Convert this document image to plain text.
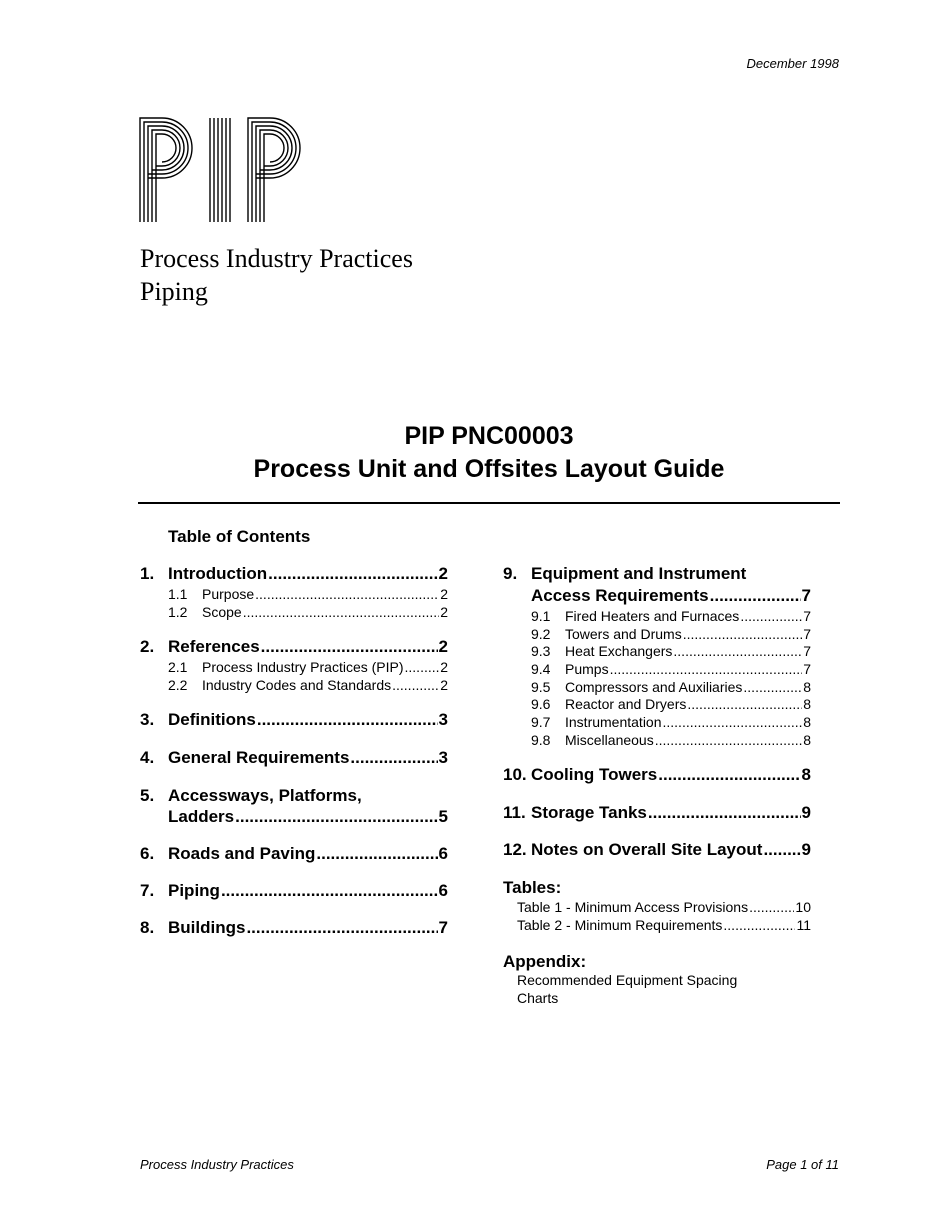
December 1998
Process Industry Practices
Piping
PIP PNC00003
Process Unit and Offsites Layout Guide
Table of Contents
1. Introduction .....	2
1.1	Purpose .....	2
1.2	Scope .....	2
2. References .....	2
2.1	Process Industry Practices (PIP) .....	2
2.2	Industry Codes and Standards .....	2
3. Definitions .....	3
4. General Requirements .....	3
5. Accessways, Platforms,
Ladders .....	5
6. Roads and Paving .....	6
7. Piping .....	6
8. Buildings .....	7
9. Equipment and Instrument
Access Requirements .....	7
9.1	Fired Heaters and Furnaces .....	7
9.2	Towers and Drums .....	7
9.3	Heat Exchangers .....	7
9.4	Pumps .....	7
9.5	Compressors and Auxiliaries .....	8
9.6	Reactor and Dryers .....	8
9.7	Instrumentation .....	8
9.8	Miscellaneous .....	8
10. Cooling Towers .....	8
11. Storage Tanks .....	9
12. Notes on Overall Site Layout ..... 9
Tables:
Table 1 - Minimum Access Provisions .....	10
Table 2 - Minimum Requirements .....	11
Appendix:
Recommended Equipment Spacing
Charts
Process Industry Practices	Page 1 of 11
